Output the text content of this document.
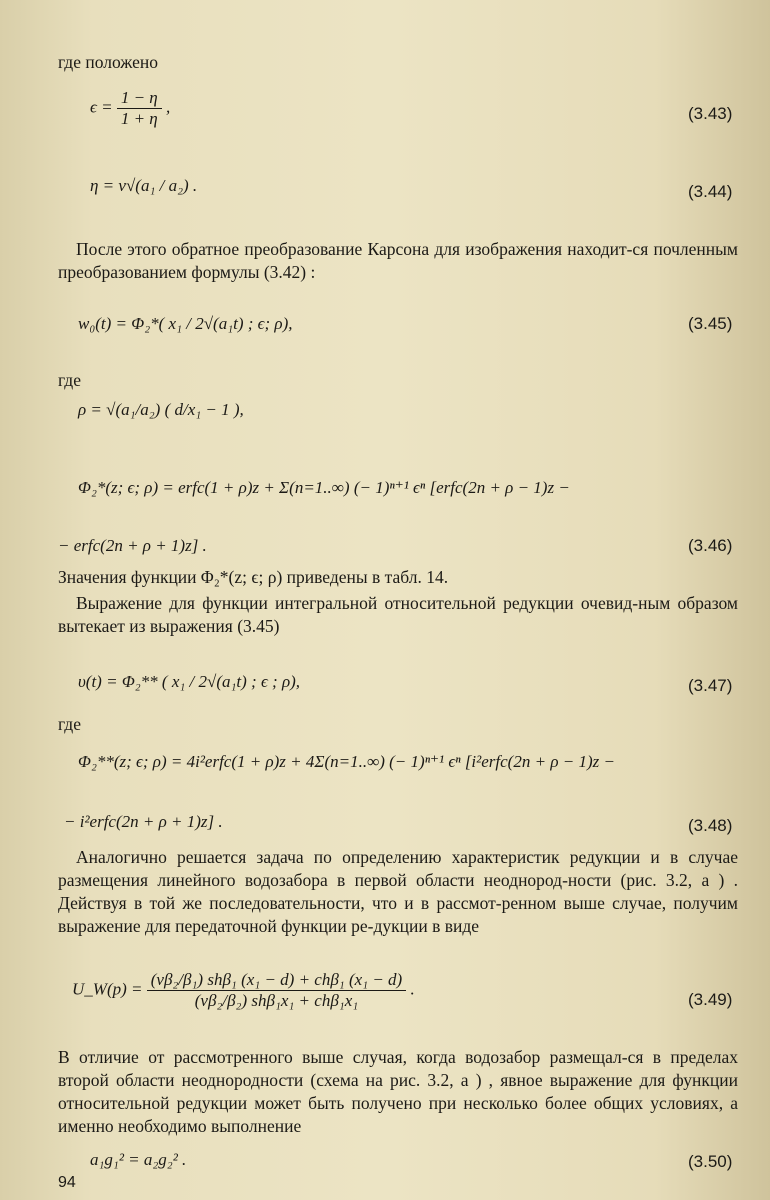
где положено
$\epsilon = \frac{1 - \eta}{1 + \eta}$ ,	(3.43)
η = ν√(a₁ / a₂) .	(3.44)
После этого обратное преобразование Карсона для изображения находит-ся почленным преобразованием формулы (3.42) :
w₀(t) = Φ₂*( x₁ / 2√(a₁t) ; ϵ; ρ),	(3.45)
где
ρ = √(a₁/a₂) ( d/x₁ − 1 ),
Φ₂*(z; ϵ; ρ) = erfc(1 + ρ)z + Σ(n=1..∞) (− 1)ⁿ⁺¹ ϵⁿ [erfc(2n + ρ − 1)z −
− erfc(2n + ρ + 1)z] .	(3.46)
Значения функции Φ₂*(z; ϵ; ρ) приведены в табл. 14.
Выражение для функции интегральной относительной редукции очевид-ным образом вытекает из выражения (3.45)
υ(t) = Φ₂** ( x₁ / 2√(a₁t) ; ϵ ; ρ),	(3.47)
где
Φ₂**(z; ϵ; ρ) = 4i²erfc(1 + ρ)z + 4Σ(n=1..∞) (− 1)ⁿ⁺¹ ϵⁿ [i²erfc(2n + ρ − 1)z −
− i²erfc(2n + ρ + 1)z] .	(3.48)
Аналогично решается задача по определению характеристик редукции и в случае размещения линейного водозабора в первой области неоднород-ности (рис. 3.2, а ) . Действуя в той же последовательности, что и в рассмот-ренном выше случае, получим выражение для передаточной функции ре-дукции в виде
U_W(p) = $\frac{\text{(νβ₂/β₁) shβ₁ (x₁ − d) + chβ₁ (x₁ − d)}}{\text{(νβ₂/β₂) shβ₁x₁ + chβ₁x₁}}$ .
(3.49)
В отличие от рассмотренного выше случая, когда водозабор размещал-ся в пределах второй области неоднородности (схема на рис. 3.2, а ) , явное выражение для функции относительной редукции может быть получено при несколько более общих условиях, а именно необходимо выполнение
a₁g₁² = a₂g₂² .	(3.50)
94
